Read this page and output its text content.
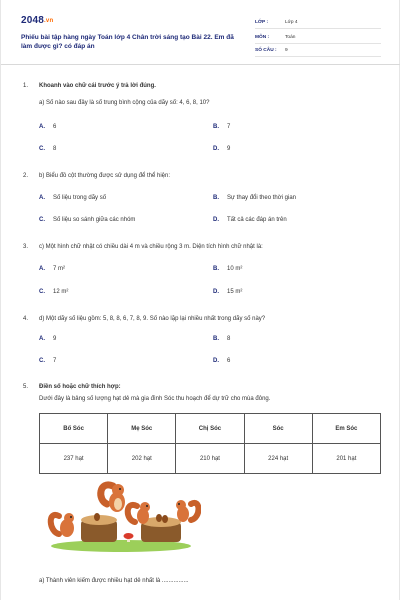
2048.vn
Phiếu bài tập hàng ngày Toán lớp 4 Chân trời sáng tạo Bài 22. Em đã làm được gì? có đáp án
LỚP :	Lớp 4
MÔN :	Toán
SỐ CÂU : 9
1. Khoanh vào chữ cái trước ý trả lời đúng.
a) Số nào sau đây là số trung bình cộng của dãy số: 4, 6, 8, 10?
A. 6	B. 7
C. 8	D. 9
2. b) Biểu đồ cột thường được sử dụng để thể hiện:
A. Số liệu trong dãy số	B. Sự thay đổi theo thời gian
C. Số liệu so sánh giữa các nhóm	D. Tất cả các đáp án trên
3. c) Một hình chữ nhật có chiều dài 4 m và chiều rộng 3 m. Diện tích hình chữ nhật là:
A. 7 m²	B. 10 m²
C. 12 m²	D. 15 m²
4. d) Một dãy số liệu gồm: 5, 8, 8, 6, 7, 8, 9. Số nào lặp lại nhiều nhất trong dãy số này?
A. 9	B. 8
C. 7	D. 6
5. Điền số hoặc chữ thích hợp:
Dưới đây là bảng số lượng hạt dẻ mà gia đình Sóc thu hoạch để dự trữ cho mùa đông.
Bố Sóc	Mẹ Sóc	Chị Sóc	Sóc	Em Sóc
237 hạt	202 hạt	210 hạt	224 hạt	201 hạt
a) Thành viên kiếm được nhiều hạt dẻ nhất là ................
